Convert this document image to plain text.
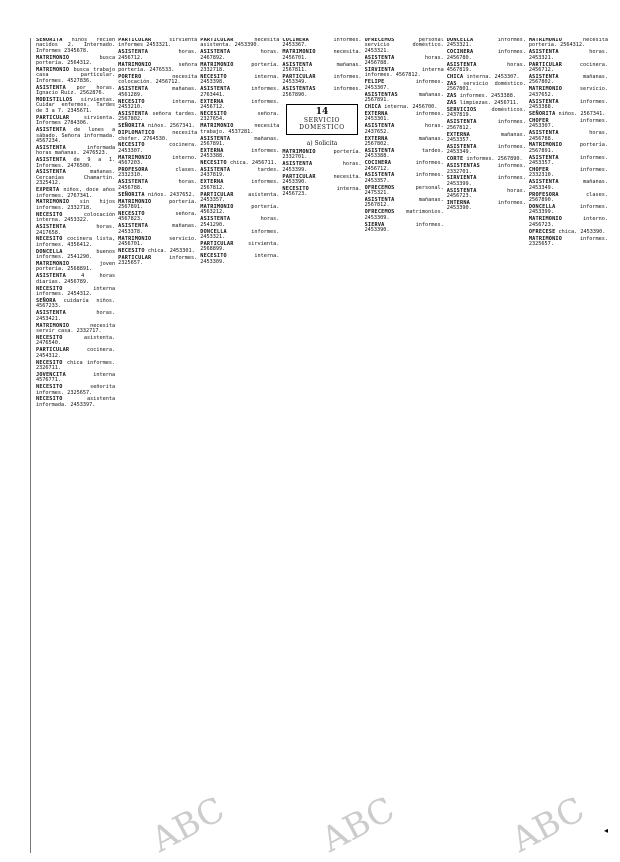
SEÑORITA niños recién nacidos 2. Internado. Informes 2345678.
MATRIMONIO busca portería. 2564312.
MATRIMONIO busca trabajo casa particular. Informes. 4527836.
ASISTENTA por horas. Ignacio Ruiz. 2562876.
MODISTILLOS sirvientas. Cuidar enfermos. Tardes de 3 a 7. 2345671.
PARTICULAR sirvienta. Informes 2784306.
ASISTENTA de lunes a sábado. Señora informada. 4567234.
ASISTENTA informada horas mañanas. 2476523.
ASISTENTA de 9 a 1. Informes. 2476500.
ASISTENTA mañanas. Cercanías Chamartín. 2325412.
EXPERTA niños, doce años informes. 2767341.
MATRIMONIO sin hijos informes. 2332718.
NECESITO colocación interna. 2453322.
ASISTENTA horas. 2417658.
NECESITO cocinera lista, informes. 4356412.
DONCELLA buenos informes. 2541290.
MATRIMONIO joven portería. 2568891.
ASISTENTA 4 horas diarias. 2456789.
NECESITO interna informes. 2454312.
SEÑORA cuidaría niños. 4567233.
ASISTENTA horas. 2453421.
MATRIMONIO necesita servir casa. 2332717.
NECESITO asistenta. 2476540.
PARTICULAR cocinera. 2454312.
NECESITO chica informes. 2326711.
JOVENCITA interna 4576771.
NECESITO señorita informes. 2325657.
NECESITO asistenta informada. 2453397.
PARTICULAR sirvienta informes 2453321.
ASISTENTA horas. 2456712.
MATRIMONIO señora portería. 2476533.
PORTERO necesita colocación. 2456712.
ASISTENTA mañanas. 4561289.
NECESITO interna. 2453210.
ASISTENTA señora tardes. 2567802.
SEÑORITA niños. 2567341.
DIPLOMATICO necesita chófer. 2764530.
NECESITO cocinera. 2453307.
MATRIMONIO interno. 4567203.
PROFESORA clases. 2332310.
ASISTENTA horas. 2456788.
SEÑORITA niños. 2437652.
MATRIMONIO portería. 2567891.
NECESITO señora. 4567823.
ASISTENTA mañanas. 2453378.
MATRIMONIO servicio. 2456701.
NECESITO chica. 2453301.
PARTICULAR informes. 2325657.
PARTICULAR necesita asistenta. 2453390.
ASISTENTA horas. 2467892.
MATRIMONIO portería. 2332718.
NECESITO interna. 2453398.
ASISTENTA informes. 2763441.
EXTERNA informes. 2456712.
NECESITO señora. 2327654.
MATRIMONIO necesita trabajo. 4537281.
ASISTENTA mañanas. 2567891.
EXTERNA informes. 2453388.
NECESITO chica. 2456711.
ASISTENTA tardes. 2437819.
EXTERNA informes. 2567812.
PARTICULAR asistenta. 2453357.
MATRIMONIO portería. 4563212.
ASISTENTA horas. 2541290.
DONCELLA informes. 2453321.
PARTICULAR sirvienta. 2568899.
NECESITO interna. 2453309.
COCINERA informes. 2453367.
MATRIMONIO necesita. 2456701.
ASISTENTA mañanas. 2567811.
PARTICULAR informes. 2453349.
ASISTENTAS informes. 2567890.
14
SERVICIO DOMESTICO
a) Solicita
MATRIMONIO portería. 2332701.
ASISTENTA horas. 2453399.
PARTICULAR necesita. 2453390.
NECESITO interna. 2456723.
OFRECEMOS personal servicio doméstico. 2453321.
ASISTENTA horas. 2456788.
SIRVIENTA interna informes. 4567812.
FELIPE informes. 2453307.
ASISTENTAS mañanas. 2567891.
CHICA interna. 2456700.
EXTERNA informes. 2453301.
ASISTENTA horas. 2437652.
EXTERNA mañanas. 2567802.
ASISTENTA tardes. 2453388.
COCINERA informes. 2456712.
ASISTENTA informes. 2453357.
OFRECEMOS personal. 2475321.
ASISTENTA mañanas. 2567812.
OFRECEMOS matrimonios. 2453309.
SIERVA informes. 2453390.
DONCELLA informes. 2453321.
COCINERA informes. 2456780.
ASISTENTA horas. 4567819.
CHICA interna. 2453307.
ZAS servicio doméstico. 2567801.
ZAS informes. 2453388.
ZAS limpiezas. 2456711.
SERVICIOS domésticos. 2437819.
ASISTENTA informes. 2567812.
EXTERNA mañanas. 2453357.
ASISTENTA informes. 2453349.
CORTE informes. 2567890.
ASISTENTAS informes. 2332701.
SIRVIENTA informes. 2453399.
ASISTENTA horas. 2456723.
INTERNA informes. 2453390.
MATRIMONIO necesita portería. 2564312.
ASISTENTA horas. 2453321.
PARTICULAR cocinera. 2456712.
ASISTENTA mañanas. 2567802.
MATRIMONIO servicio. 2437652.
ASISTENTA informes. 2453388.
SEÑORITA niños. 2567341.
CHOFER informes. 2453307.
ASISTENTA horas. 2456788.
MATRIMONIO portería. 2567891.
ASISTENTA informes. 2453357.
CHOFER informes. 2332310.
ASISTENTA mañanas. 2453349.
PROFESORA clases. 2567890.
DONCELLA informes. 2453399.
MATRIMONIO interno. 2456723.
OFRECESE chica. 2453390.
MATRIMONIO informes. 2325657.
ABC ABC	ABC ◂
